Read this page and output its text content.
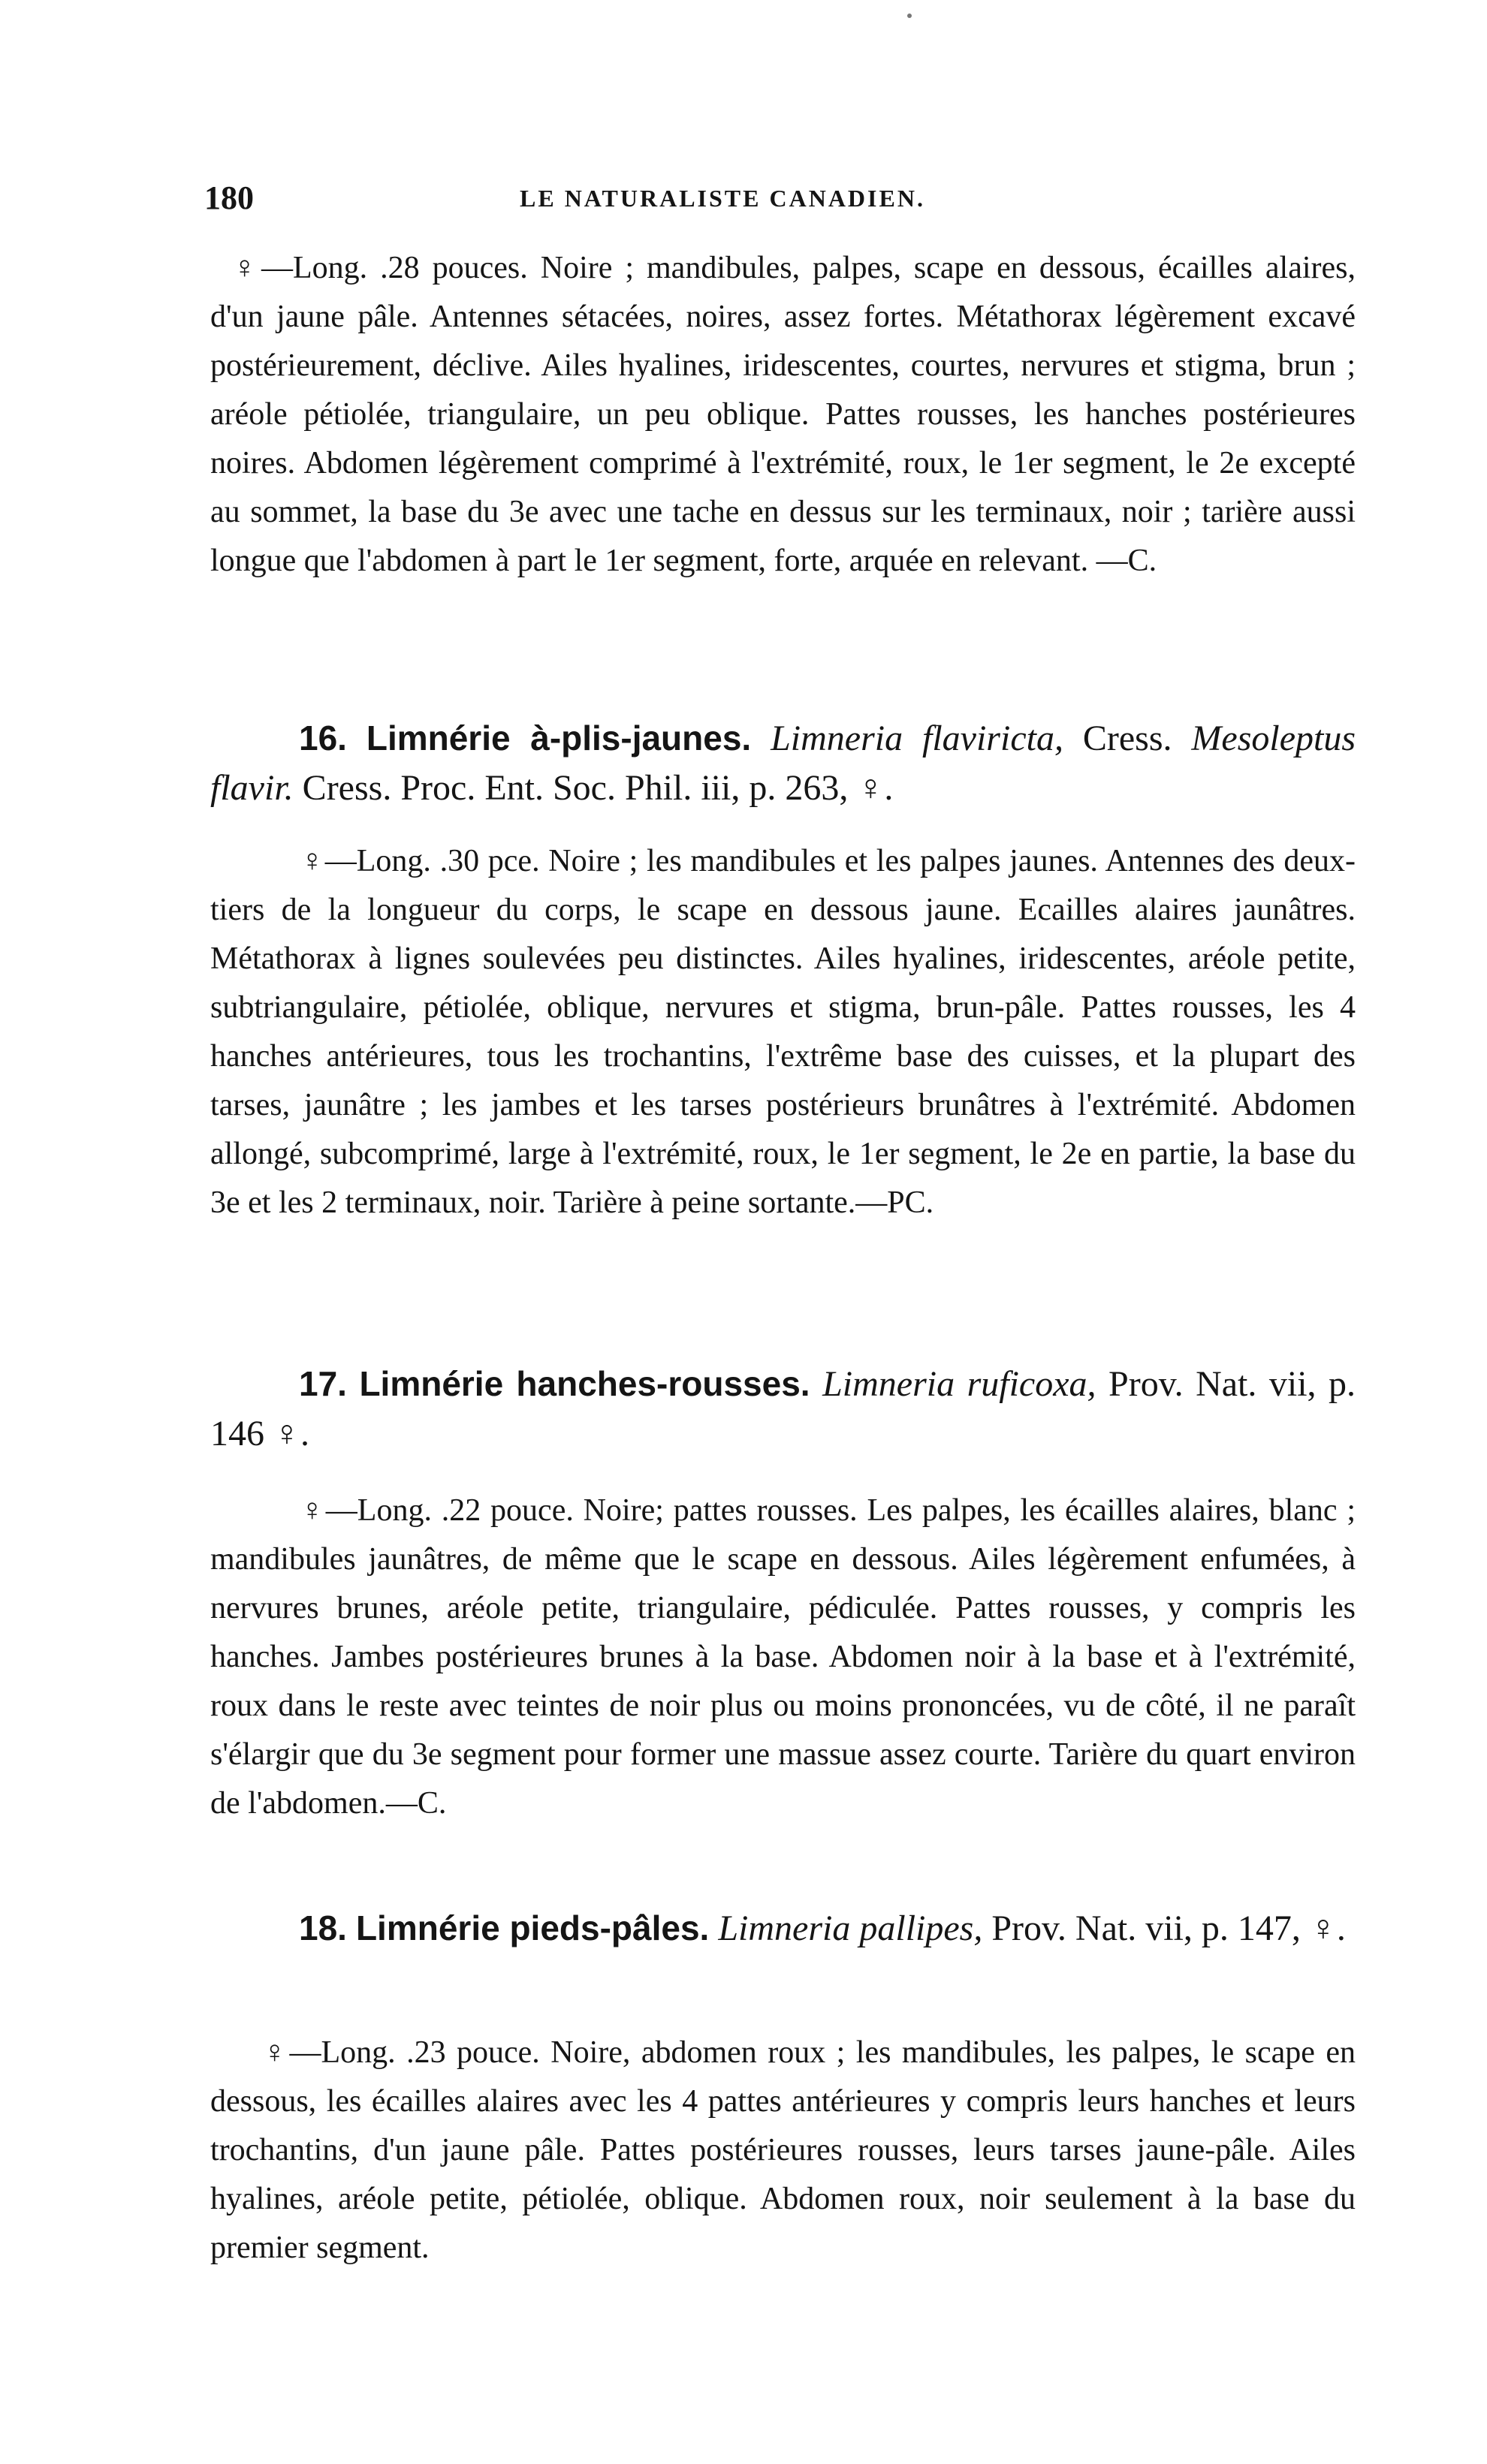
180	LE NATURALISTE CANADIEN.

♀—Long. .28 pouces. Noire ; mandibules, palpes, scape en dessous, écailles alaires, d'un jaune pâle. Antennes sétacées, noires, assez fortes. Métathorax légèrement excavé postérieurement, déclive. Ailes hyalines, iridescentes, courtes, nervures et stigma, brun ; aréole pétiolée, triangulaire, un peu oblique. Pattes rousses, les hanches postérieures noires. Abdomen légèrement comprimé à l'extrémité, roux, le 1er segment, le 2e excepté au sommet, la base du 3e avec une tache en dessus sur les terminaux, noir ; tarière aussi longue que l'abdomen à part le 1er segment, forte, arquée en relevant. —C.

16. Limnérie à-plis-jaunes. Limneria flaviricta, Cress. Mesoleptus flavir. Cress. Proc. Ent. Soc. Phil. iii, p. 263, ♀.

♀—Long. .30 pce. Noire ; les mandibules et les palpes jaunes. Antennes des deux-tiers de la longueur du corps, le scape en dessous jaune. Ecailles alaires jaunâtres. Métathorax à lignes soulevées peu distinctes. Ailes hyalines, iridescentes, aréole petite, subtriangulaire, pétiolée, oblique, nervures et stigma, brun-pâle. Pattes rousses, les 4 hanches antérieures, tous les trochantins, l'extrême base des cuisses, et la plupart des tarses, jaunâtre ; les jambes et les tarses postérieurs brunâtres à l'extrémité. Abdomen allongé, subcomprimé, large à l'extrémité, roux, le 1er segment, le 2e en partie, la base du 3e et les 2 terminaux, noir. Tarière à peine sortante.—PC.

17. Limnérie hanches-rousses. Limneria ruficoxa, Prov. Nat. vii, p. 146 ♀.

♀—Long. .22 pouce. Noire; pattes rousses. Les palpes, les écailles alaires, blanc ; mandibules jaunâtres, de même que le scape en dessous. Ailes légèrement enfumées, à nervures brunes, aréole petite, triangulaire, pédiculée. Pattes rousses, y compris les hanches. Jambes postérieures brunes à la base. Abdomen noir à la base et à l'extrémité, roux dans le reste avec teintes de noir plus ou moins prononcées, vu de côté, il ne paraît s'élargir que du 3e segment pour former une massue assez courte. Tarière du quart environ de l'abdomen.—C.

18. Limnérie pieds-pâles. Limneria pallipes, Prov. Nat. vii, p. 147, ♀.

♀—Long. .23 pouce. Noire, abdomen roux ; les mandibules, les palpes, le scape en dessous, les écailles alaires avec les 4 pattes antérieures y compris leurs hanches et leurs trochantins, d'un jaune pâle. Pattes postérieures rousses, leurs tarses jaune-pâle. Ailes hyalines, aréole petite, pétiolée, oblique. Abdomen roux, noir seulement à la base du premier segment.
